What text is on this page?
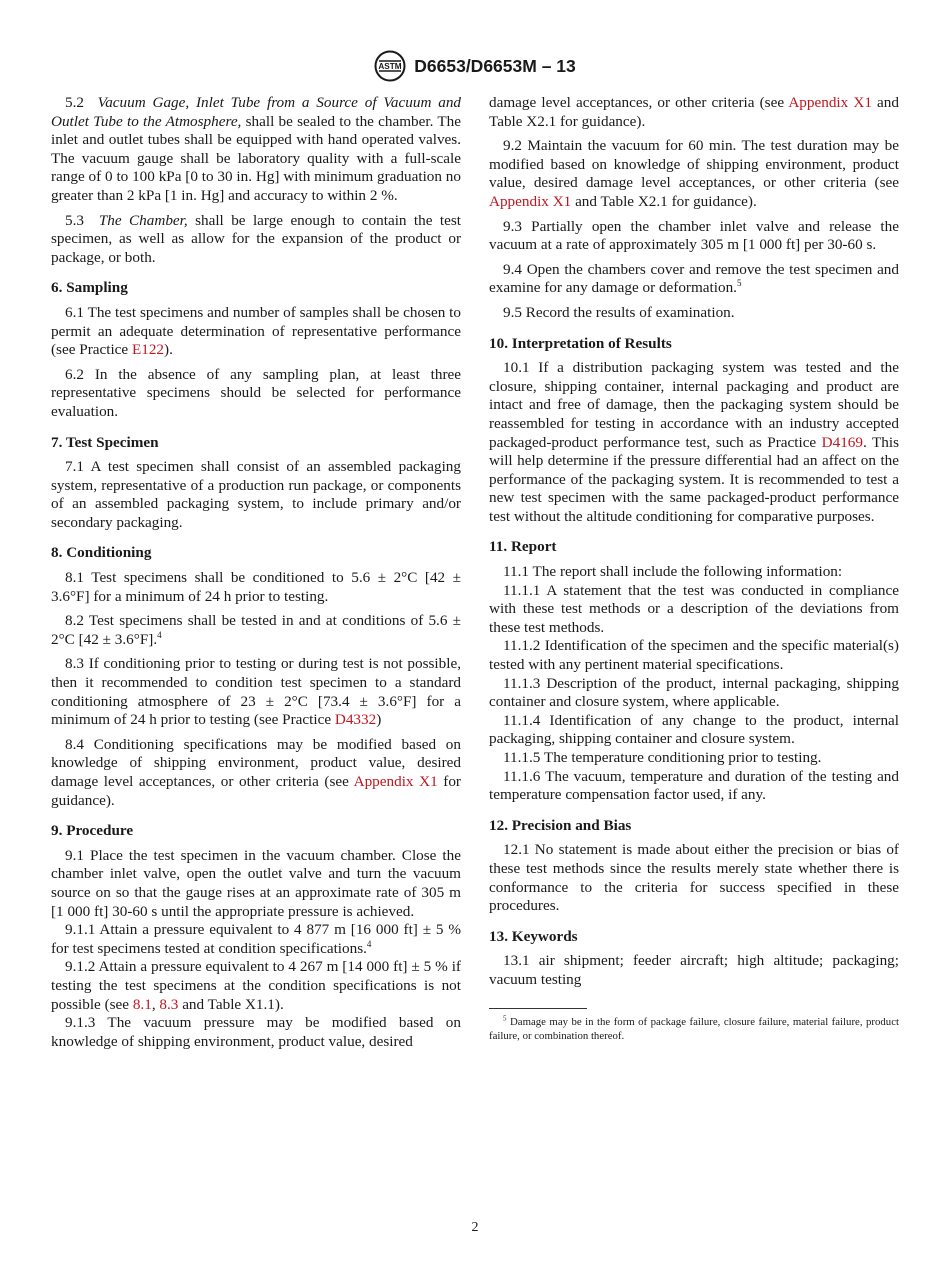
ASTM D6653/D6653M – 13

5.2 Vacuum Gage, Inlet Tube from a Source of Vacuum and Outlet Tube to the Atmosphere, shall be sealed to the chamber. The inlet and outlet tubes shall be equipped with hand operated valves. The vacuum gauge shall be laboratory quality with a full-scale range of 0 to 100 kPa [0 to 30 in. Hg] with minimum graduation no greater than 2 kPa [1 in. Hg] and accuracy to within 2 %.

5.3 The Chamber, shall be large enough to contain the test specimen, as well as allow for the expansion of the product or package, or both.

6. Sampling

6.1 The test specimens and number of samples shall be chosen to permit an adequate determination of representative performance (see Practice E122).

6.2 In the absence of any sampling plan, at least three representative specimens should be selected for performance evaluation.

7. Test Specimen

7.1 A test specimen shall consist of an assembled packaging system, representative of a production run package, or components of an assembled packaging system, to include primary and/or secondary packaging.

8. Conditioning

8.1 Test specimens shall be conditioned to 5.6 ± 2°C [42 ± 3.6°F] for a minimum of 24 h prior to testing.

8.2 Test specimens shall be tested in and at conditions of 5.6 ± 2°C [42 ± 3.6°F].$^4$

8.3 If conditioning prior to testing or during test is not possible, then it recommended to condition test specimen to a standard conditioning atmosphere of 23 ± 2°C [73.4 ± 3.6°F] for a minimum of 24 h prior to testing (see Practice D4332)

8.4 Conditioning specifications may be modified based on knowledge of shipping environment, product value, desired damage level acceptances, or other criteria (see Appendix X1 for guidance).

9. Procedure

9.1 Place the test specimen in the vacuum chamber. Close the chamber inlet valve, open the outlet valve and turn the vacuum source on so that the gauge rises at an approximate rate of 305 m [1 000 ft] 30-60 s until the appropriate pressure is achieved.

9.1.1 Attain a pressure equivalent to 4 877 m [16 000 ft] ± 5 % for test specimens tested at condition specifications.$^4$

9.1.2 Attain a pressure equivalent to 4 267 m [14 000 ft] ± 5 % if testing the test specimens at the condition specifications is not possible (see 8.1, 8.3 and Table X1.1).

9.1.3 The vacuum pressure may be modified based on knowledge of shipping environment, product value, desired

damage level acceptances, or other criteria (see Appendix X1 and Table X2.1 for guidance).

9.2 Maintain the vacuum for 60 min. The test duration may be modified based on knowledge of shipping environment, product value, desired damage level acceptances, or other criteria (see Appendix X1 and Table X2.1 for guidance).

9.3 Partially open the chamber inlet valve and release the vacuum at a rate of approximately 305 m [1 000 ft] per 30-60 s.

9.4 Open the chambers cover and remove the test specimen and examine for any damage or deformation.$^5$

9.5 Record the results of examination.

10. Interpretation of Results

10.1 If a distribution packaging system was tested and the closure, shipping container, internal packaging and product are intact and free of damage, then the packaging system should be reassembled for testing in accordance with an industry accepted packaged-product performance test, such as Practice D4169. This will help determine if the pressure differential had an affect on the performance of the packaging system. It is recommended to test a new test specimen with the same packaged-product performance test without the altitude conditioning for comparative purposes.

11. Report

11.1 The report shall include the following information:

11.1.1 A statement that the test was conducted in compliance with these test methods or a description of the deviations from these test methods.

11.1.2 Identification of the specimen and the specific material(s) tested with any pertinent material specifications.

11.1.3 Description of the product, internal packaging, shipping container and closure system, where applicable.

11.1.4 Identification of any change to the product, internal packaging, shipping container and closure system.

11.1.5 The temperature conditioning prior to testing.

11.1.6 The vacuum, temperature and duration of the testing and temperature compensation factor used, if any.

12. Precision and Bias

12.1 No statement is made about either the precision or bias of these test methods since the results merely state whether there is conformance to the criteria for success specified in these procedures.

13. Keywords

13.1 air shipment; feeder aircraft; high altitude; packaging; vacuum testing

$^5$ Damage may be in the form of package failure, closure failure, material failure, product failure, or combination thereof.
2
